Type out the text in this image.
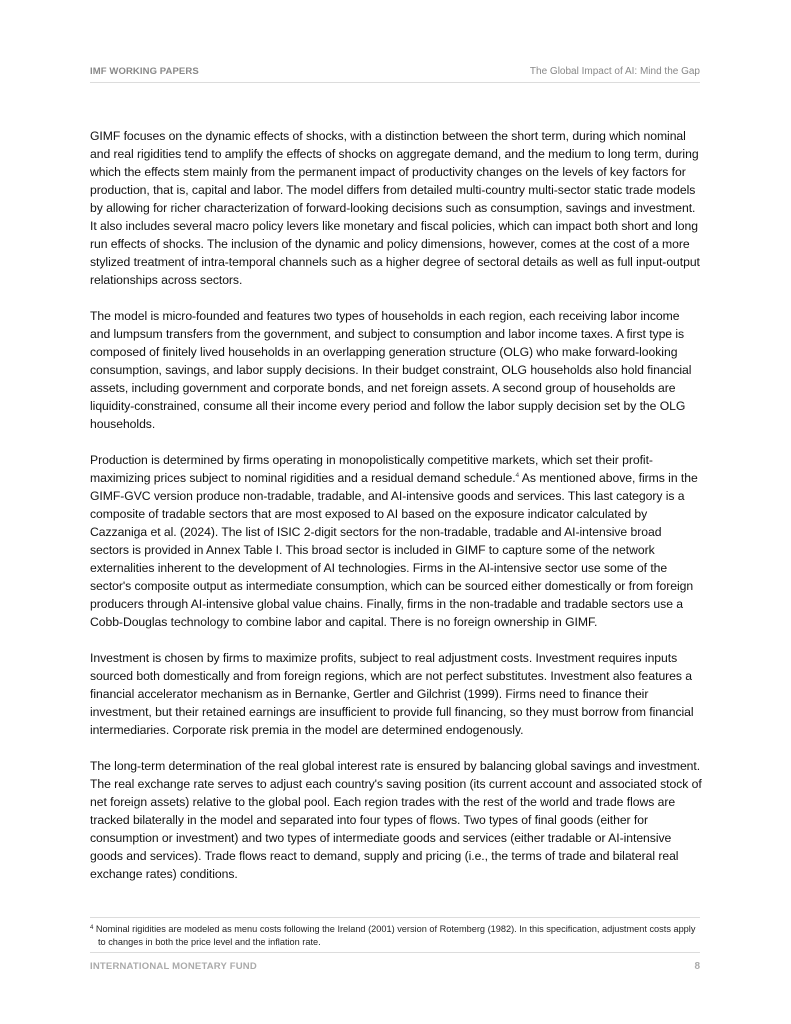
IMF WORKING PAPERS	The Global Impact of AI: Mind the Gap

GIMF focuses on the dynamic effects of shocks, with a distinction between the short term, during which nominal and real rigidities tend to amplify the effects of shocks on aggregate demand, and the medium to long term, during which the effects stem mainly from the permanent impact of productivity changes on the levels of key factors for production, that is, capital and labor. The model differs from detailed multi-country multi-sector static trade models by allowing for richer characterization of forward-looking decisions such as consumption, savings and investment. It also includes several macro policy levers like monetary and fiscal policies, which can impact both short and long run effects of shocks. The inclusion of the dynamic and policy dimensions, however, comes at the cost of a more stylized treatment of intra-temporal channels such as a higher degree of sectoral details as well as full input-output relationships across sectors.

The model is micro-founded and features two types of households in each region, each receiving labor income and lumpsum transfers from the government, and subject to consumption and labor income taxes. A first type is composed of finitely lived households in an overlapping generation structure (OLG) who make forward-looking consumption, savings, and labor supply decisions. In their budget constraint, OLG households also hold financial assets, including government and corporate bonds, and net foreign assets. A second group of households are liquidity-constrained, consume all their income every period and follow the labor supply decision set by the OLG households.

Production is determined by firms operating in monopolistically competitive markets, which set their profit-maximizing prices subject to nominal rigidities and a residual demand schedule.$^4$ As mentioned above, firms in the GIMF-GVC version produce non-tradable, tradable, and AI-intensive goods and services. This last category is a composite of tradable sectors that are most exposed to AI based on the exposure indicator calculated by Cazzaniga et al. (2024). The list of ISIC 2-digit sectors for the non-tradable, tradable and AI-intensive broad sectors is provided in Annex Table I. This broad sector is included in GIMF to capture some of the network externalities inherent to the development of AI technologies. Firms in the AI-intensive sector use some of the sector's composite output as intermediate consumption, which can be sourced either domestically or from foreign producers through AI-intensive global value chains. Finally, firms in the non-tradable and tradable sectors use a Cobb-Douglas technology to combine labor and capital. There is no foreign ownership in GIMF.

Investment is chosen by firms to maximize profits, subject to real adjustment costs. Investment requires inputs sourced both domestically and from foreign regions, which are not perfect substitutes. Investment also features a financial accelerator mechanism as in Bernanke, Gertler and Gilchrist (1999). Firms need to finance their investment, but their retained earnings are insufficient to provide full financing, so they must borrow from financial intermediaries. Corporate risk premia in the model are determined endogenously.

The long-term determination of the real global interest rate is ensured by balancing global savings and investment. The real exchange rate serves to adjust each country's saving position (its current account and associated stock of net foreign assets) relative to the global pool. Each region trades with the rest of the world and trade flows are tracked bilaterally in the model and separated into four types of flows. Two types of final goods (either for consumption or investment) and two types of intermediate goods and services (either tradable or AI-intensive goods and services). Trade flows react to demand, supply and pricing (i.e., the terms of trade and bilateral real exchange rates) conditions.

$^4$ Nominal rigidities are modeled as menu costs following the Ireland (2001) version of Rotemberg (1982). In this specification, adjustment costs apply to changes in both the price level and the inflation rate.
INTERNATIONAL MONETARY FUND	8
